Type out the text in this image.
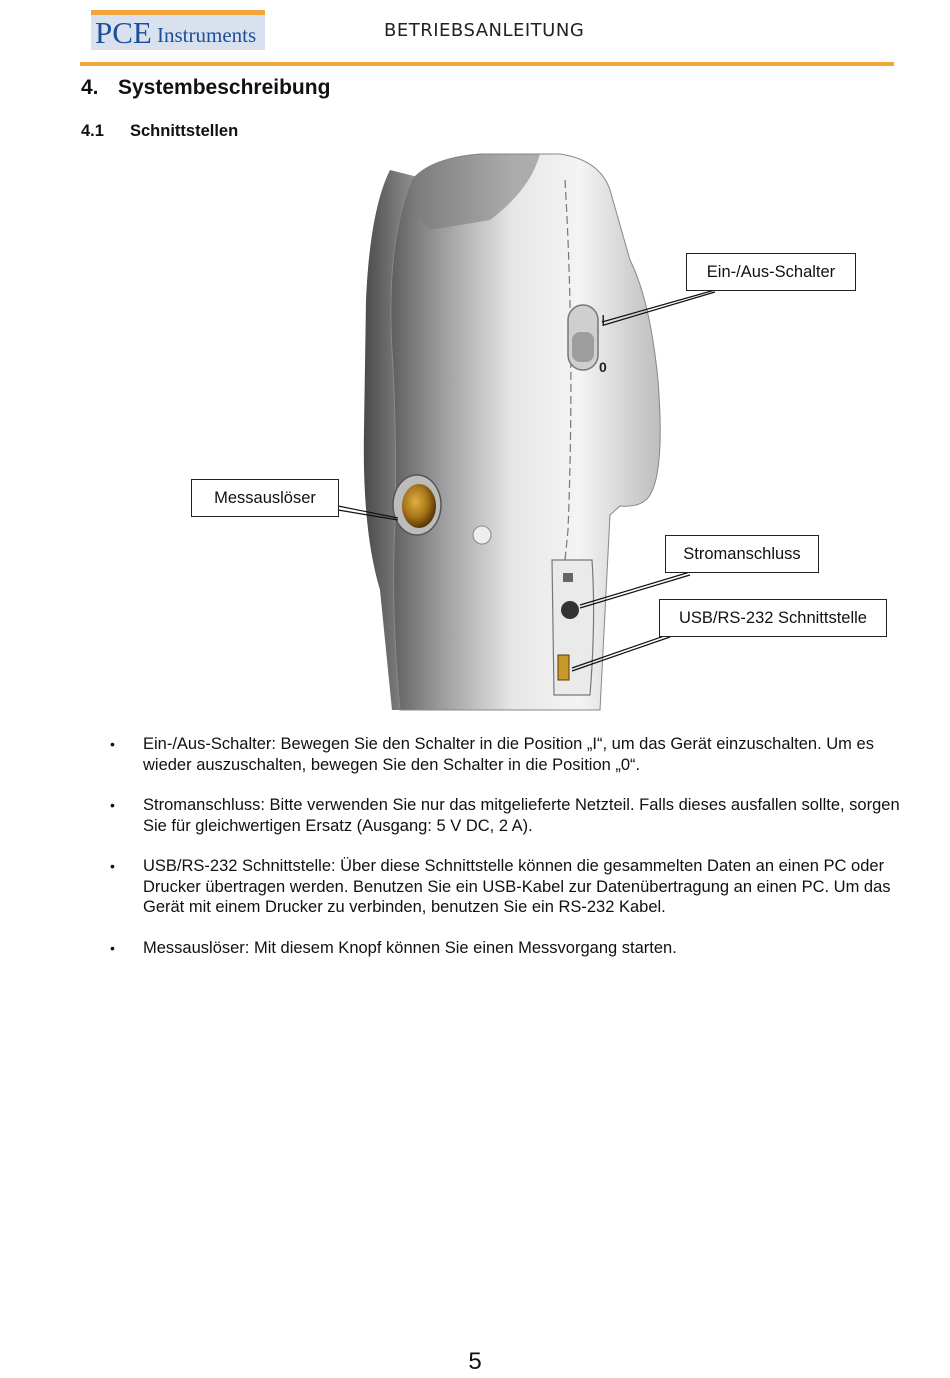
PCE Instruments	BETRIEBSANLEITUNG
4. Systembeschreibung
4.1 Schnittstellen
I
0
Ein-/Aus-Schalter
Messauslöser
Stromanschluss
USB/RS-232 Schnittstelle
• Ein-/Aus-Schalter: Bewegen Sie den Schalter in die Position „I“, um das Gerät einzuschalten. Um es wieder auszuschalten, bewegen Sie den Schalter in die Position „0“.
• Stromanschluss: Bitte verwenden Sie nur das mitgelieferte Netzteil. Falls dieses ausfallen sollte, sorgen Sie für gleichwertigen Ersatz (Ausgang: 5 V DC, 2 A).
• USB/RS-232 Schnittstelle: Über diese Schnittstelle können die gesammelten Daten an einen PC oder Drucker übertragen werden. Benutzen Sie ein USB-Kabel zur Datenübertragung an einen PC. Um das Gerät mit einem Drucker zu verbinden, benutzen Sie ein RS-232 Kabel.
• Messauslöser: Mit diesem Knopf können Sie einen Messvorgang starten.
5
